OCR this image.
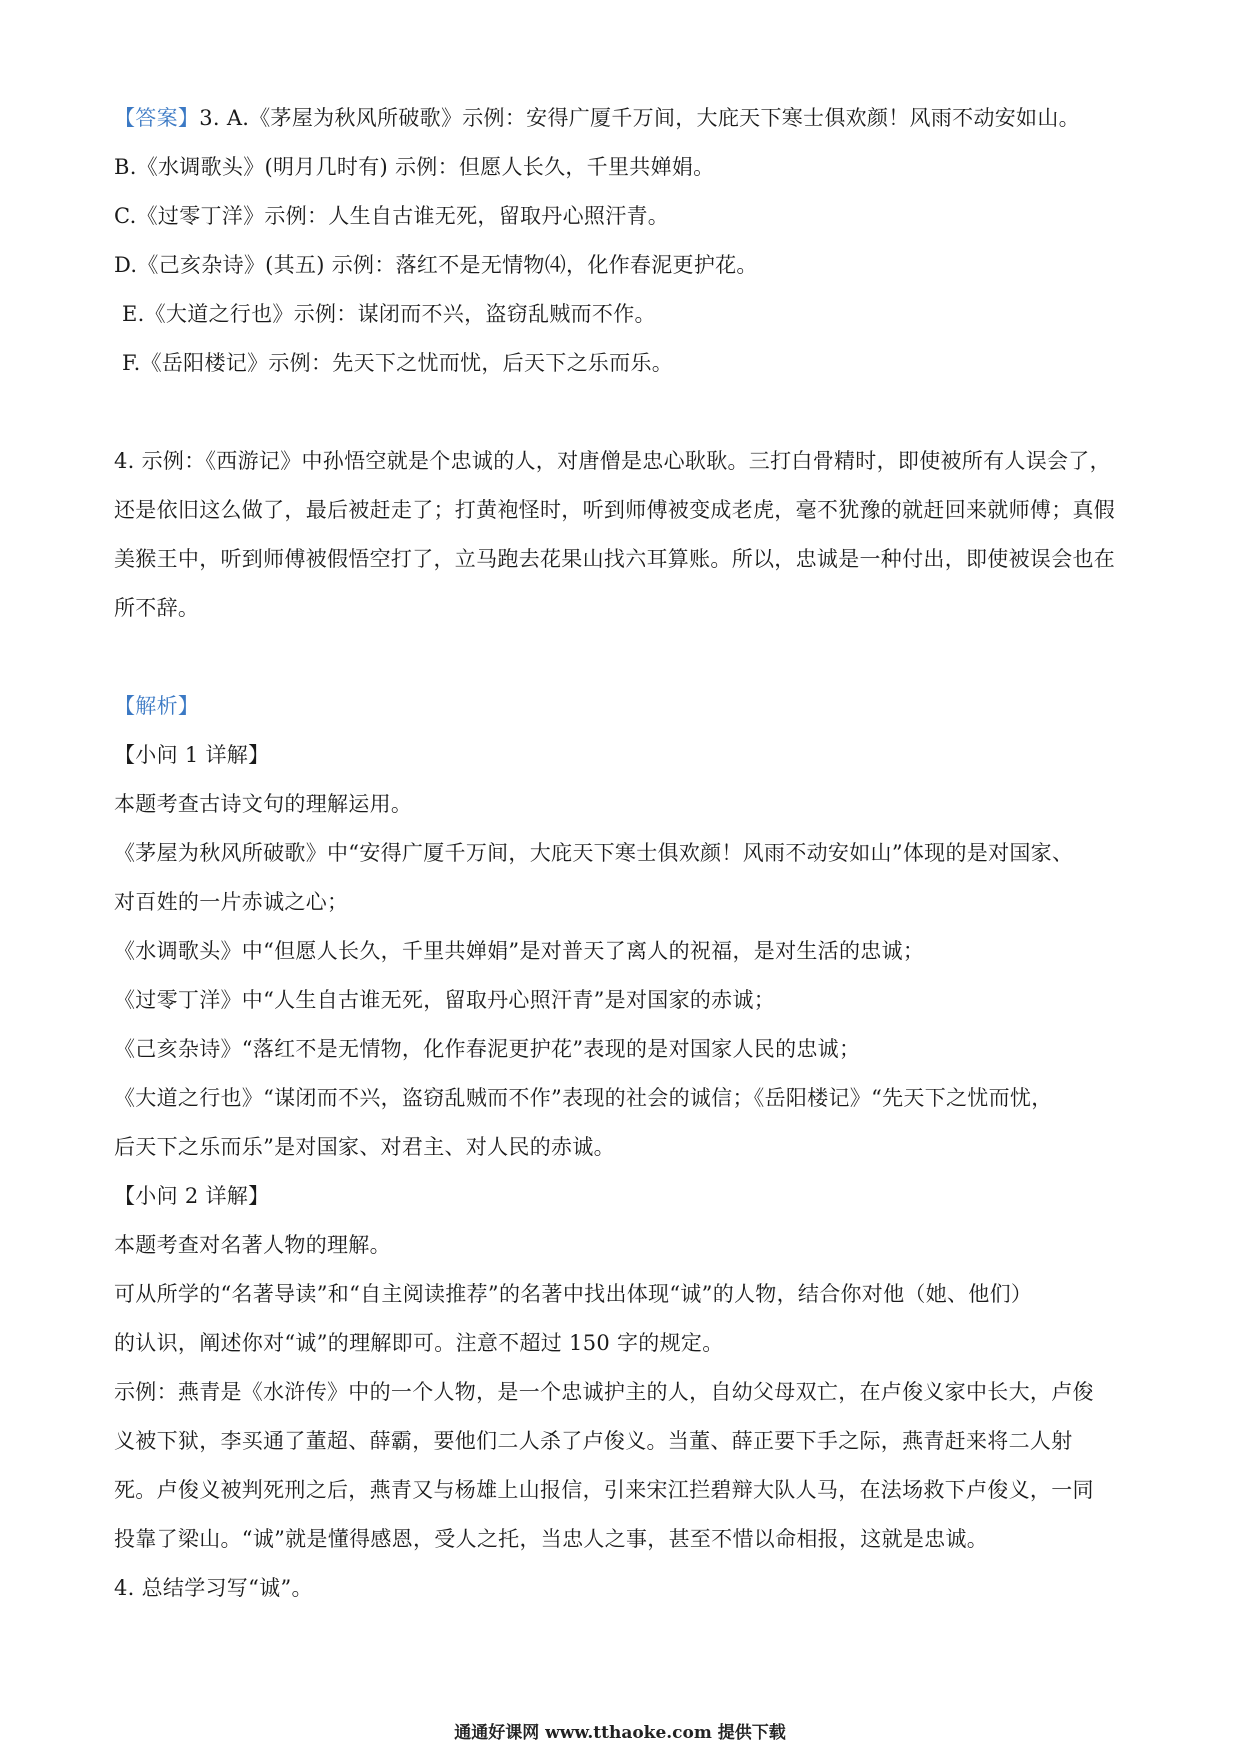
【答案】3. A.《茅屋为秋风所破歌》示例：安得广厦千万间，大庇天下寒士俱欢颜！风雨不动安如山。
B.《水调歌头》(明月几时有) 示例：但愿人长久，千里共婵娟。
C.《过零丁洋》示例：人生自古谁无死，留取丹心照汗青。
D.《己亥杂诗》(其五) 示例：落红不是无情物⑷，化作春泥更护花。
E.《大道之行也》示例：谋闭而不兴，盗窃乱贼而不作。
F.《岳阳楼记》示例：先天下之忧而忧，后天下之乐而乐。
4. 示例：《西游记》中孙悟空就是个忠诚的人，对唐僧是忠心耿耿。三打白骨精时，即使被所有人误会了，
还是依旧这么做了，最后被赶走了；打黄袍怪时，听到师傅被变成老虎，毫不犹豫的就赶回来就师傅；真假
美猴王中，听到师傅被假悟空打了，立马跑去花果山找六耳算账。所以，忠诚是一种付出，即使被误会也在
所不辞。
【解析】
【小问 1 详解】
本题考查古诗文句的理解运用。
《茅屋为秋风所破歌》中“安得广厦千万间，大庇天下寒士俱欢颜！风雨不动安如山”体现的是对国家、
对百姓的一片赤诚之心；
《水调歌头》中“但愿人长久，千里共婵娟”是对普天了离人的祝福，是对生活的忠诚；
《过零丁洋》中“人生自古谁无死，留取丹心照汗青”是对国家的赤诚；
《己亥杂诗》“落红不是无情物，化作春泥更护花”表现的是对国家人民的忠诚；
《大道之行也》“谋闭而不兴，盗窃乱贼而不作”表现的社会的诚信；《岳阳楼记》“先天下之忧而忧，
后天下之乐而乐”是对国家、对君主、对人民的赤诚。
【小问 2 详解】
本题考查对名著人物的理解。
可从所学的“名著导读”和“自主阅读推荐”的名著中找出体现“诚”的人物，结合你对他（她、他们）
的认识，阐述你对“诚”的理解即可。注意不超过 150 字的规定。
示例：燕青是《水浒传》中的一个人物，是一个忠诚护主的人，自幼父母双亡，在卢俊义家中长大，卢俊
义被下狱，李买通了董超、薛霸，要他们二人杀了卢俊义。当董、薛正要下手之际，燕青赶来将二人射
死。卢俊义被判死刑之后，燕青又与杨雄上山报信，引来宋江拦碧辩大队人马，在法场救下卢俊义，一同
投靠了梁山。“诚”就是懂得感恩，受人之托，当忠人之事，甚至不惜以命相报，这就是忠诚。
4. 总结学习写“诚”。
通通好课网 www.tthaoke.com 提供下载
